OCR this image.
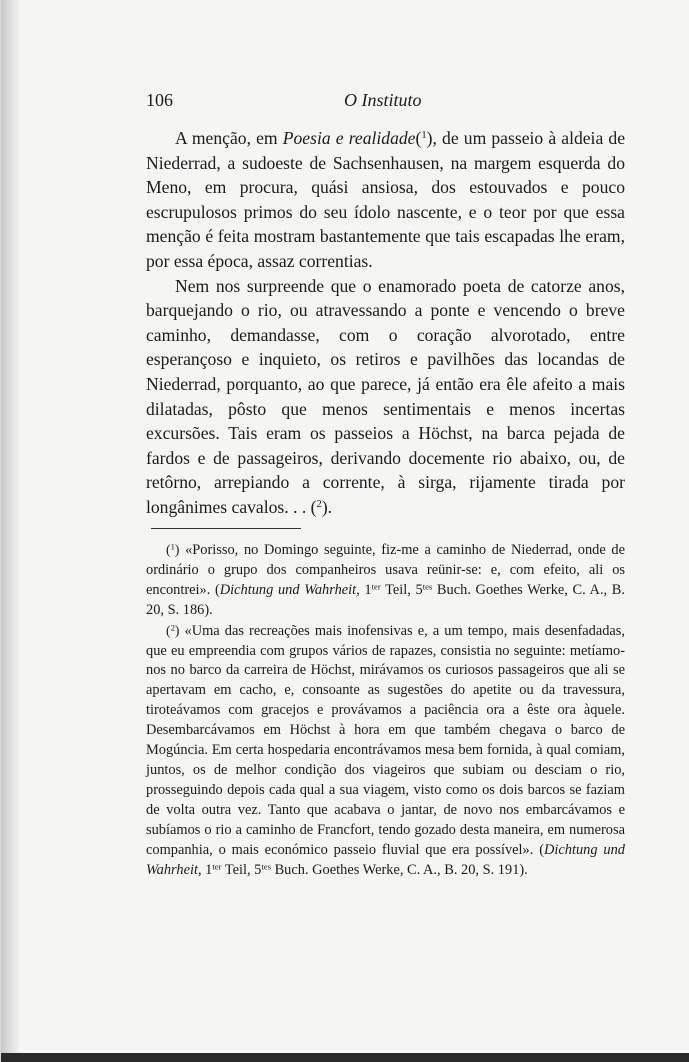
106	O Instituto

A menção, em Poesia e realidade($^1$), de um passeio à aldeia de Niederrad, a sudoeste de Sachsenhausen, na margem esquerda do Meno, em procura, quási ansiosa, dos estouvados e pouco escrupulosos primos do seu ídolo nascente, e o teor por que essa menção é feita mostram bastantemente que tais escapadas lhe eram, por essa época, assaz correntias.

Nem nos surpreende que o enamorado poeta de catorze anos, barquejando o rio, ou atravessando a ponte e vencendo o breve caminho, demandasse, com o coração alvorotado, entre esperançoso e inquieto, os retiros e pavilhões das locandas de Niederrad, porquanto, ao que parece, já então era êle afeito a mais dilatadas, pôsto que menos sentimentais e menos incertas excursões. Tais eram os passeios a Höchst, na barca pejada de fardos e de passageiros, derivando docemente rio abaixo, ou, de retôrno, arrepiando a corrente, à sirga, rijamente tirada por longânimes cavalos. . . ($^2$).

($^1$) «Porisso, no Domingo seguinte, fiz-me a caminho de Niederrad, onde de ordinário o grupo dos companheiros usava reünir-se: e, com efeito, ali os encontrei». (Dichtung und Wahrheit, $1^{ter}$ Teil, $5^{tes}$ Buch. Goethes Werke, C. A., B. 20, S. 186).

($^2$) «Uma das recreações mais inofensivas e, a um tempo, mais desenfadadas, que eu empreendia com grupos vários de rapazes, consistia no seguinte: metíamo-nos no barco da carreira de Höchst, mirávamos os curiosos passageiros que ali se apertavam em cacho, e, consoante as sugestões do apetite ou da travessura, tiroteávamos com gracejos e provávamos a paciência ora a êste ora àquele. Desembarcávamos em Höchst à hora em que também chegava o barco de Mogúncia. Em certa hospedaria encontrávamos mesa bem fornida, à qual comiam, juntos, os de melhor condição dos viageiros que subiam ou desciam o rio, prosseguindo depois cada qual a sua viagem, visto como os dois barcos se faziam de volta outra vez. Tanto que acabava o jantar, de novo nos embarcávamos e subíamos o rio a caminho de Francfort, tendo gozado desta maneira, em numerosa companhia, o mais económico passeio fluvial que era possível». (Dichtung und Wahrheit, $1^{ter}$ Teil, $5^{tes}$ Buch. Goethes Werke, C. A., B. 20, S. 191).
